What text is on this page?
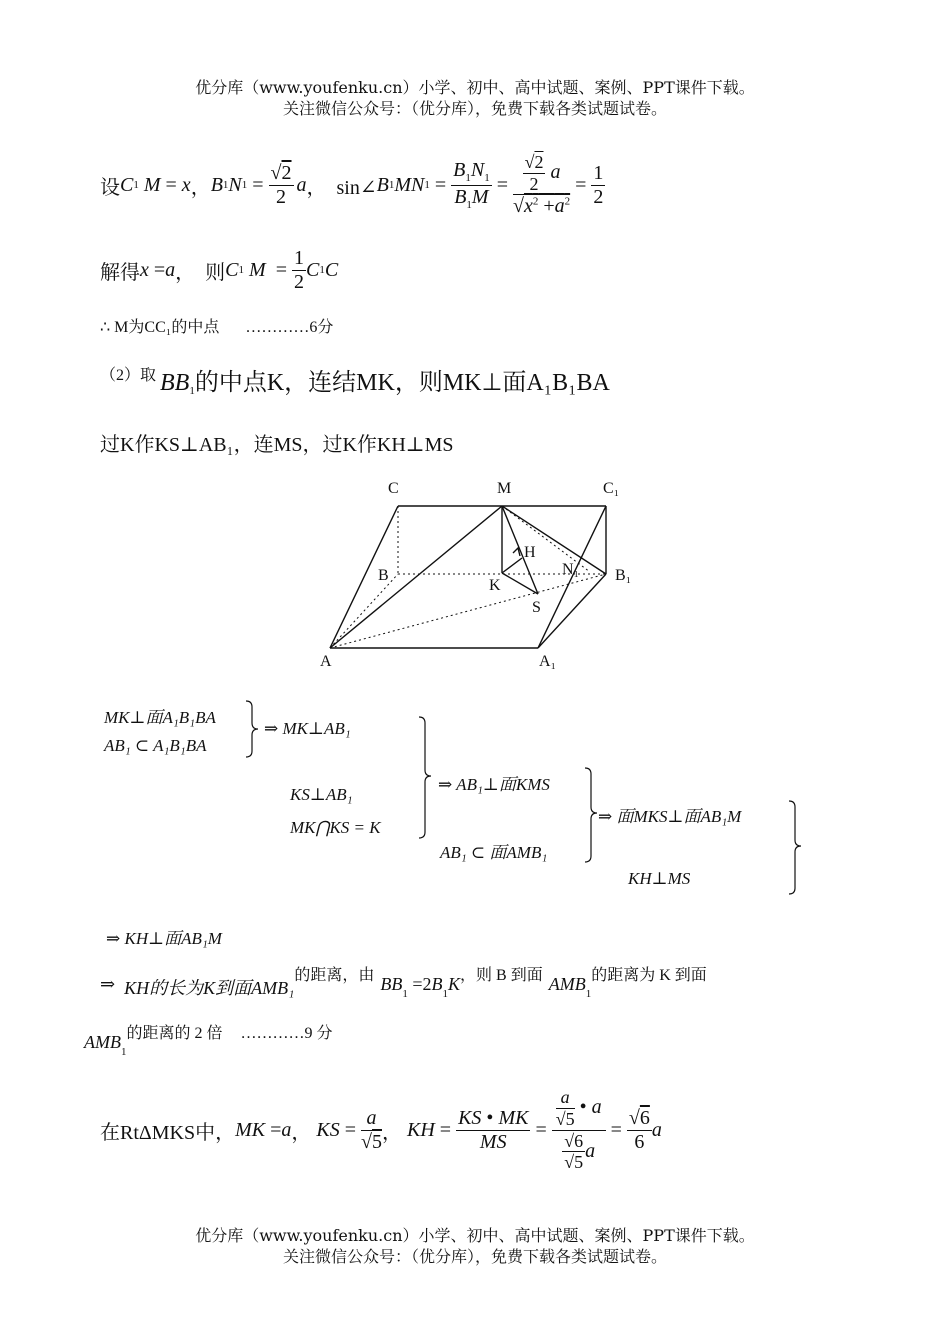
优分库（www.youfenku.cn）小学、初中、高中试题、案例、PPT课件下载。
关注微信公众号：（优分库），免费下载各类试题试卷。
设 C 1 M = x ， B 1 N $1 = \frac{√2}{2}$ a ，  sin∠ B 1 MN $1 = \frac{B_1N_1}{B_1M} = \frac{\frac{√2}{2} a}{√x^2 +a^2} = \frac{1}{2}$
解得 x = a ， 则 C 1 $M = \frac{1}{2}$ C 1 C
∴ M为CC₁的中点 …………6分
（2）取 $BB_1$的中点K，连结MK，则MK⊥面A₁B₁BA
过K作KS⊥AB₁，连MS，过K作KH⊥MS
C	M	C₁
B
H
N₁ B₁
K
S
A	A₁
MK⊥面A₁B₁BA
AB₁ ⊂ A₁B₁BA
⇒ MK⊥AB₁
KS⊥AB₁
MK⋂KS = K
⇒ AB₁⊥面KMS
AB₁ ⊂ 面AMB₁
⇒ 面MKS⊥面AB₁M
KH⊥MS
⇒ KH⊥面AB₁M
⇒ KH的长为K到面AMB₁
的距离，由 $BB_1 =2B_1$ K ，则 B 到面 $AMB_1$
的距离为 K 到面
$AMB_1$
的距离的 2 倍 …………9 分
在RtΔMKS中， MK = a ， KS = $\frac{a}{√5}$ ， KH = $\frac{KS • MK}{MS} = \frac{\frac{a}{√5} • a}{\frac{√6}{√5} a} = \frac{√6}{6}$ a
优分库（www.youfenku.cn）小学、初中、高中试题、案例、PPT课件下载。
关注微信公众号：（优分库），免费下载各类试题试卷。
